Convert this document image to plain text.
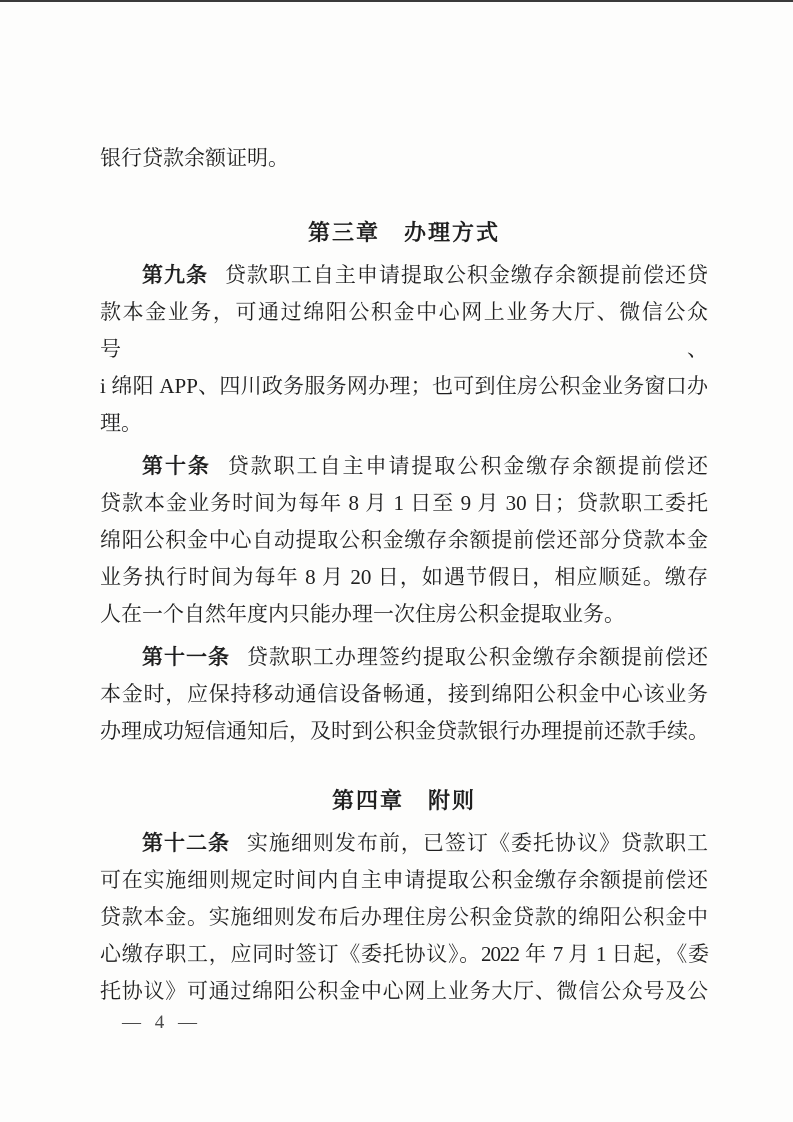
银行贷款余额证明。

第三章　办理方式

第九条 贷款职工自主申请提取公积金缴存余额提前偿还贷

款本金业务，可通过绵阳公积金中心网上业务大厅、微信公众号、

i 绵阳 APP、四川政务服务网办理；也可到住房公积金业务窗口办

理。

第十条 贷款职工自主申请提取公积金缴存余额提前偿还

贷款本金业务时间为每年 8 月 1 日至 9 月 30 日；贷款职工委托

绵阳公积金中心自动提取公积金缴存余额提前偿还部分贷款本金

业务执行时间为每年 8 月 20 日，如遇节假日，相应顺延。缴存

人在一个自然年度内只能办理一次住房公积金提取业务。

第十一条 贷款职工办理签约提取公积金缴存余额提前偿还

本金时，应保持移动通信设备畅通，接到绵阳公积金中心该业务

办理成功短信通知后，及时到公积金贷款银行办理提前还款手续。

第四章　附则

第十二条 实施细则发布前，已签订《委托协议》贷款职工

可在实施细则规定时间内自主申请提取公积金缴存余额提前偿还

贷款本金。实施细则发布后办理住房公积金贷款的绵阳公积金中

心缴存职工，应同时签订《委托协议》。2022 年 7 月 1 日起，《委

托协议》可通过绵阳公积金中心网上业务大厅、微信公众号及公

— 4 —
